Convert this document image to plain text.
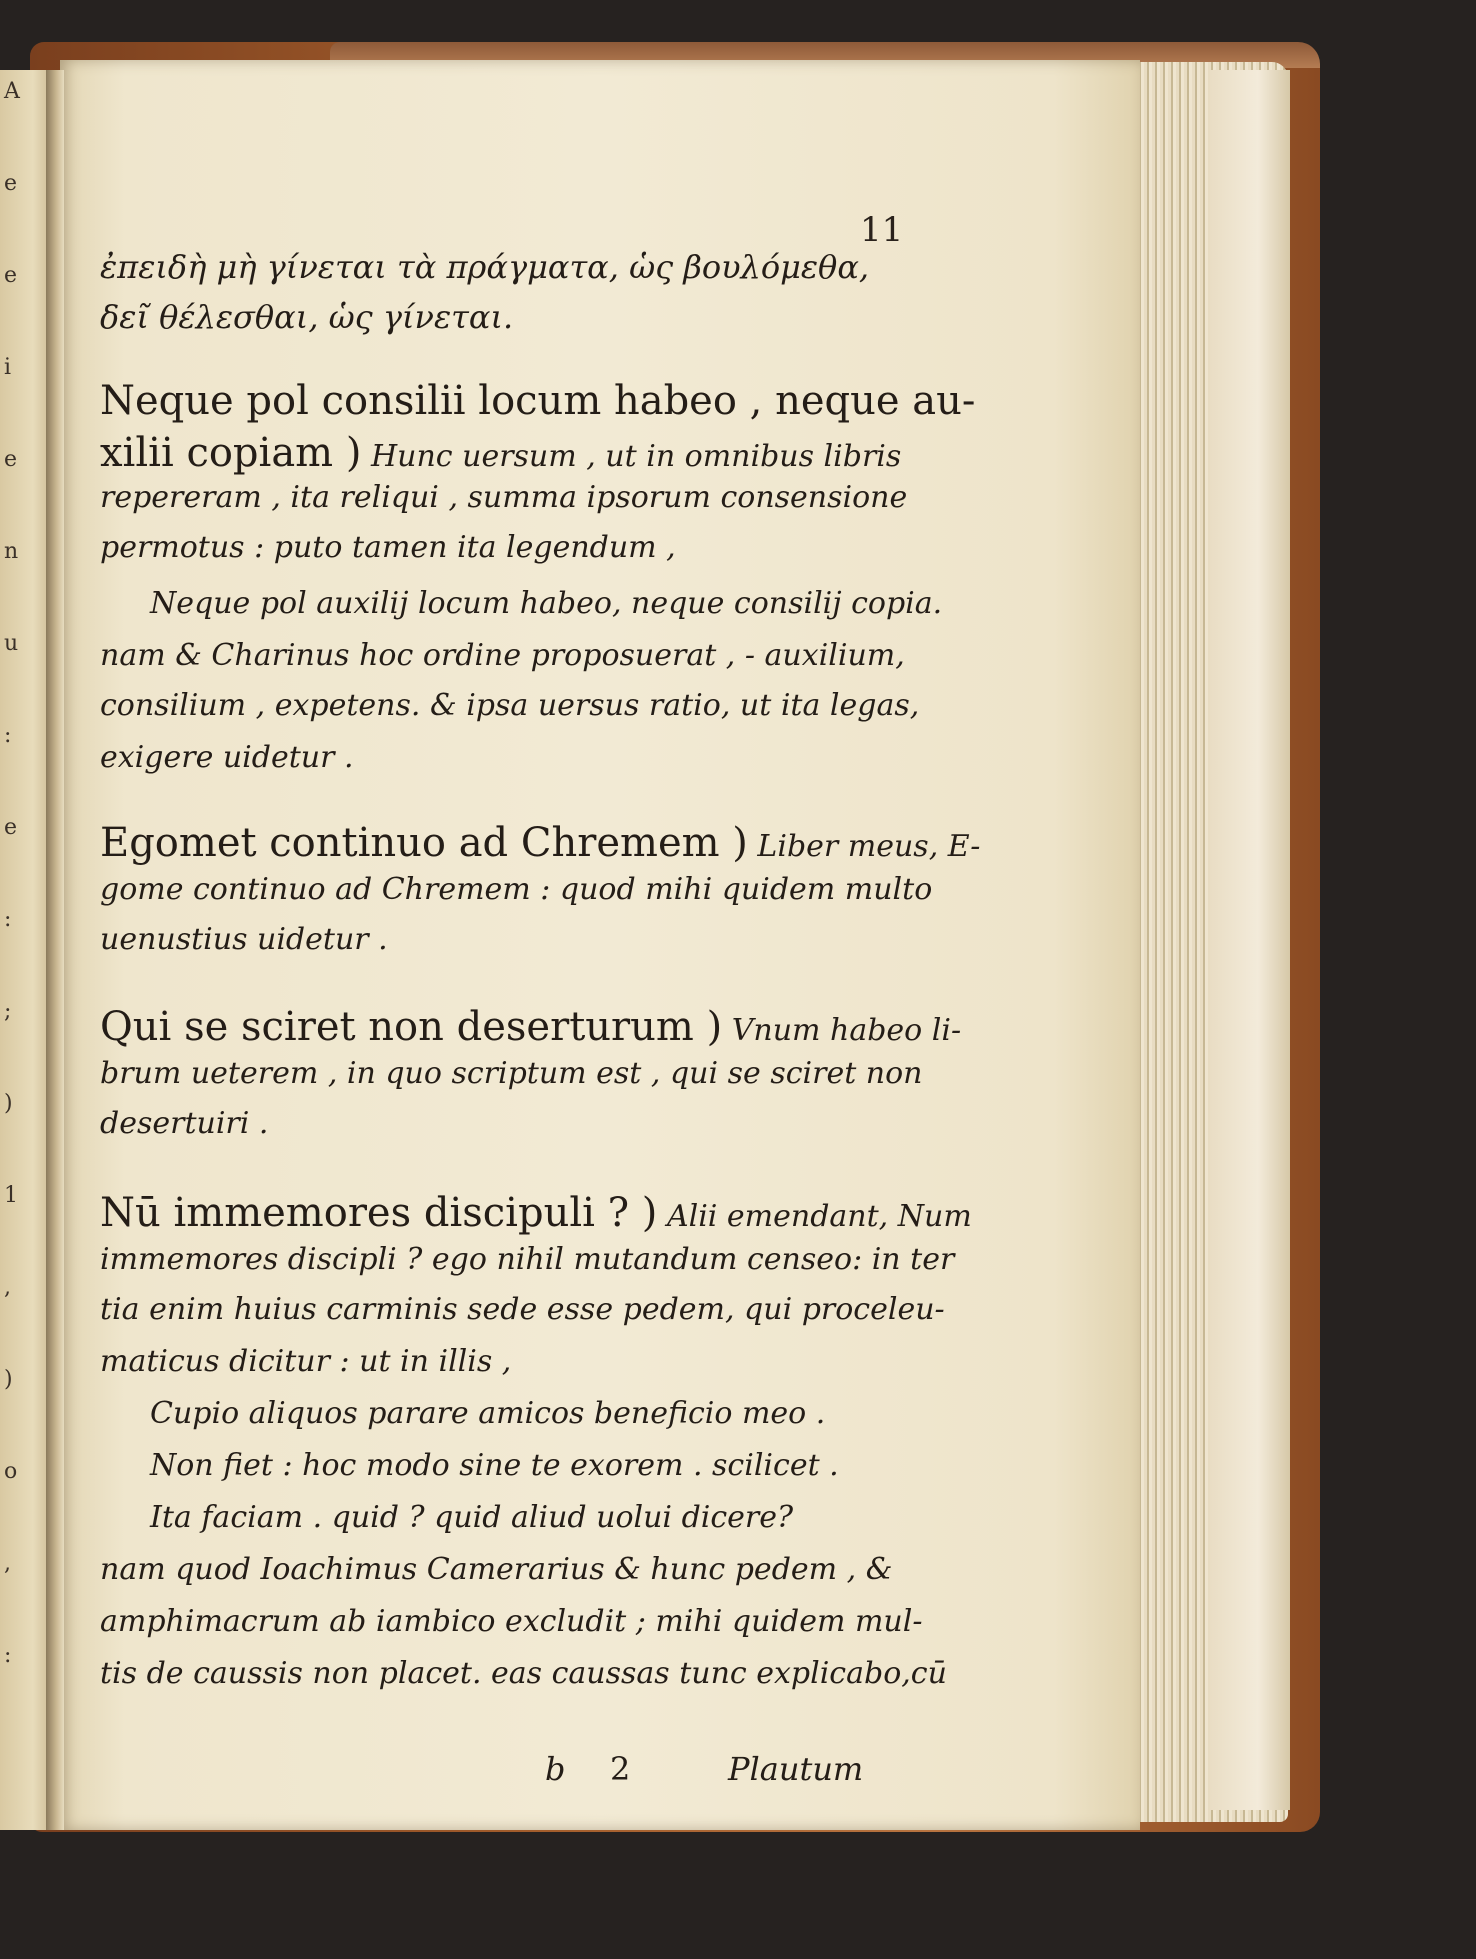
A
e
e
i
e
n
u
:
e
:
;
)
1
,
)
o
,
:
11
ἐπειδὴ μὴ γίνεται τὰ πράγματα, ὡς βουλόμεθα,
δεῖ θέλεσθαι, ὡς γίνεται.
Neque pol consilii locum habeo , neque au-
xilii copiam ) Hunc uersum , ut in omnibus libris
repereram , ita reliqui , summa ipsorum consensione
permotus : puto tamen ita legendum ,
Neque pol auxilij locum habeo, neque consilij copia.
nam & Charinus hoc ordine proposuerat , - auxilium,
consilium , expetens. & ipsa uersus ratio, ut ita legas,
exigere uidetur .
Egomet continuo ad Chremem ) Liber meus, E-
gome continuo ad Chremem : quod mihi quidem multo
uenustius uidetur .
Qui se sciret non deserturum ) Vnum habeo li-
brum ueterem , in quo scriptum est , qui se sciret non
desertuiri .
Nū immemores discipuli ? ) Alii emendant, Num
immemores discipli ? ego nihil mutandum censeo: in ter
tia enim huius carminis sede esse pedem, qui proceleu-
maticus dicitur : ut in illis ,
Cupio aliquos parare amicos beneficio meo .
Non fiet : hoc modo sine te exorem . scilicet .
Ita faciam . quid ? quid aliud uolui dicere?
nam quod Ioachimus Camerarius & hunc pedem , &
amphimacrum ab iambico excludit ; mihi quidem mul-
tis de caussis non placet. eas caussas tunc explicabo,cū
b 2	Plautum
